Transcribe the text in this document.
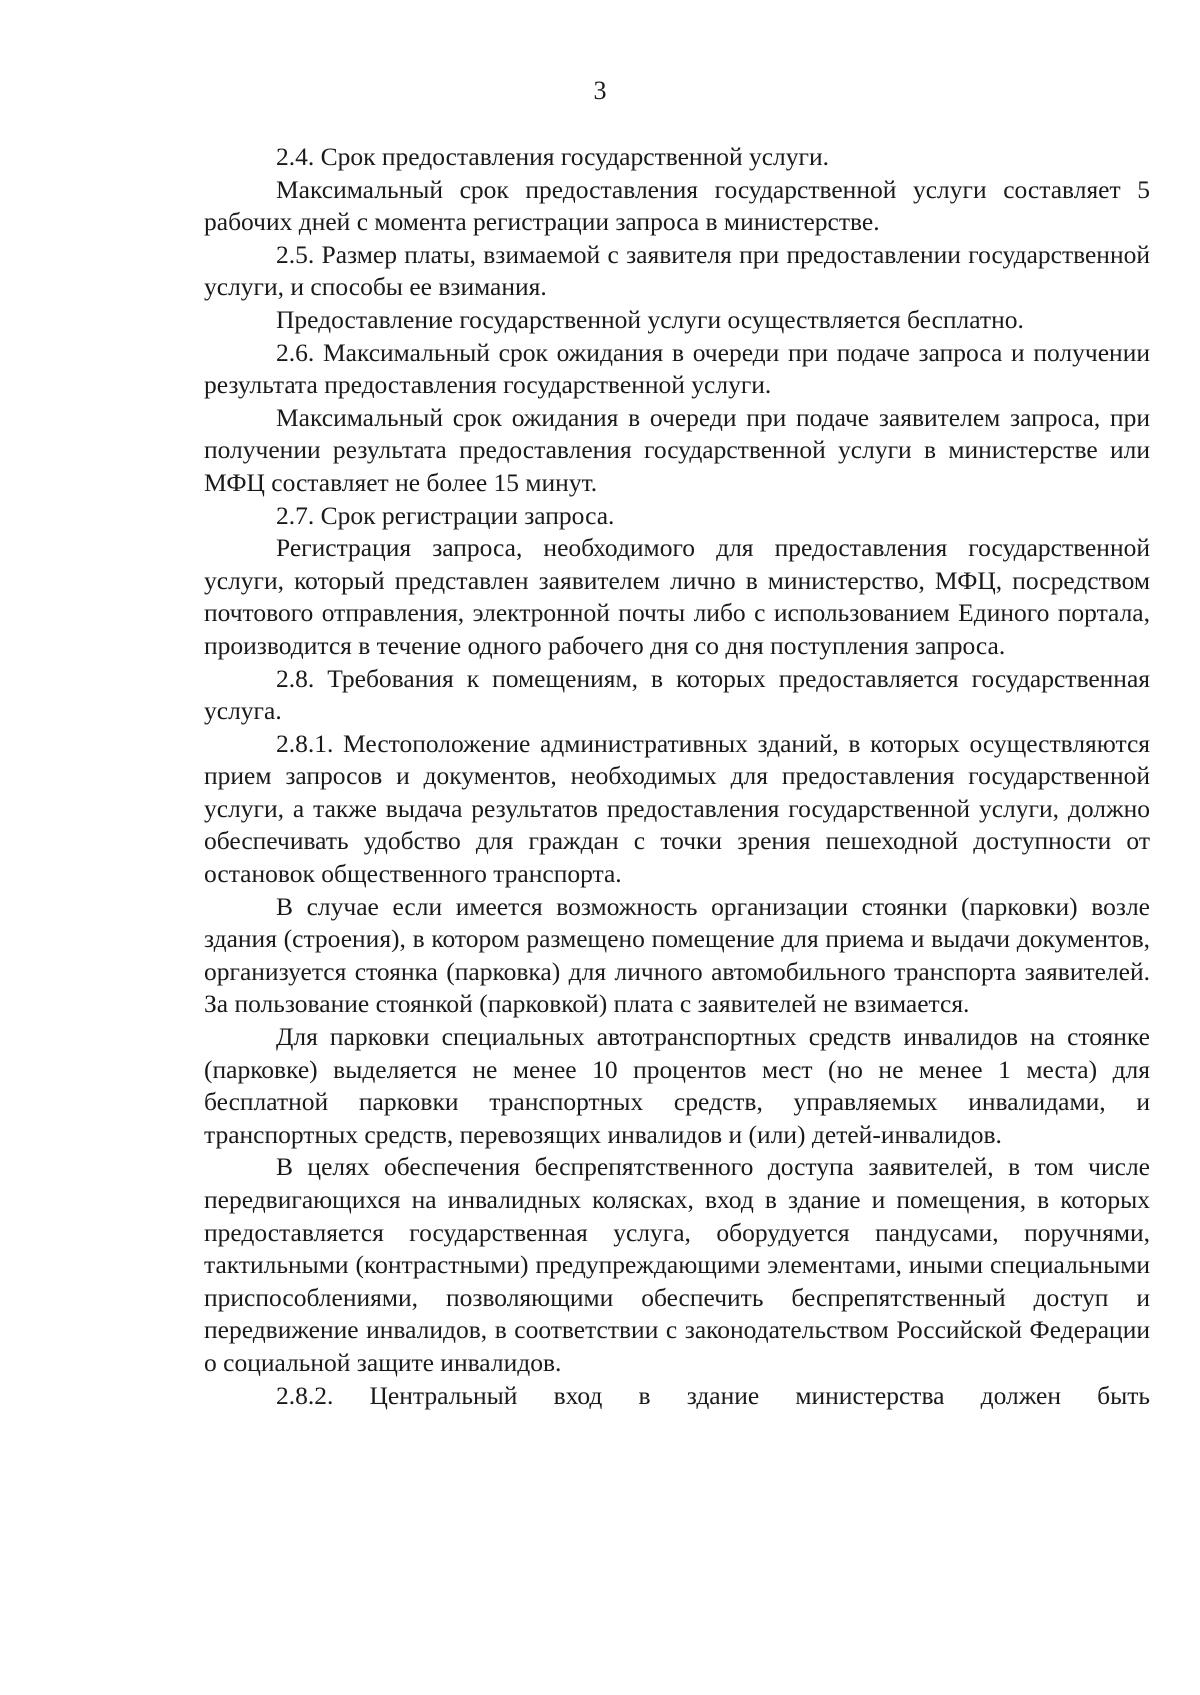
3

2.4. Срок предоставления государственной услуги.

Максимальный срок предоставления государственной услуги составляет 5 рабочих дней с момента регистрации запроса в министерстве.

2.5. Размер платы, взимаемой с заявителя при предоставлении государственной услуги, и способы ее взимания.

Предоставление государственной услуги осуществляется бесплатно.

2.6. Максимальный срок ожидания в очереди при подаче запроса и получении результата предоставления государственной услуги.

Максимальный срок ожидания в очереди при подаче заявителем запроса, при получении результата предоставления государственной услуги в министерстве или МФЦ составляет не более 15 минут.

2.7. Срок регистрации запроса.

Регистрация запроса, необходимого для предоставления государственной услуги, который представлен заявителем лично в министерство, МФЦ, посредством почтового отправления, электронной почты либо с использованием Единого портала, производится в течение одного рабочего дня со дня поступления запроса.

2.8. Требования к помещениям, в которых предоставляется государственная услуга.

2.8.1. Местоположение административных зданий, в которых осуществляются прием запросов и документов, необходимых для предоставления государственной услуги, а также выдача результатов предоставления государственной услуги, должно обеспечивать удобство для граждан с точки зрения пешеходной доступности от остановок общественного транспорта.

В случае если имеется возможность организации стоянки (парковки) возле здания (строения), в котором размещено помещение для приема и выдачи документов, организуется стоянка (парковка) для личного автомобильного транспорта заявителей. За пользование стоянкой (парковкой) плата с заявителей не взимается.

Для парковки специальных автотранспортных средств инвалидов на стоянке (парковке) выделяется не менее 10 процентов мест (но не менее 1 места) для бесплатной парковки транспортных средств, управляемых инвалидами, и транспортных средств, перевозящих инвалидов и (или) детей-инвалидов.

В целях обеспечения беспрепятственного доступа заявителей, в том числе передвигающихся на инвалидных колясках, вход в здание и помещения, в которых предоставляется государственная услуга, оборудуется пандусами, поручнями, тактильными (контрастными) предупреждающими элементами, иными специальными приспособлениями, позволяющими обеспечить беспрепятственный доступ и передвижение инвалидов, в соответствии с законодательством Российской Федерации о социальной защите инвалидов.

2.8.2. Центральный вход в здание министерства должен быть
